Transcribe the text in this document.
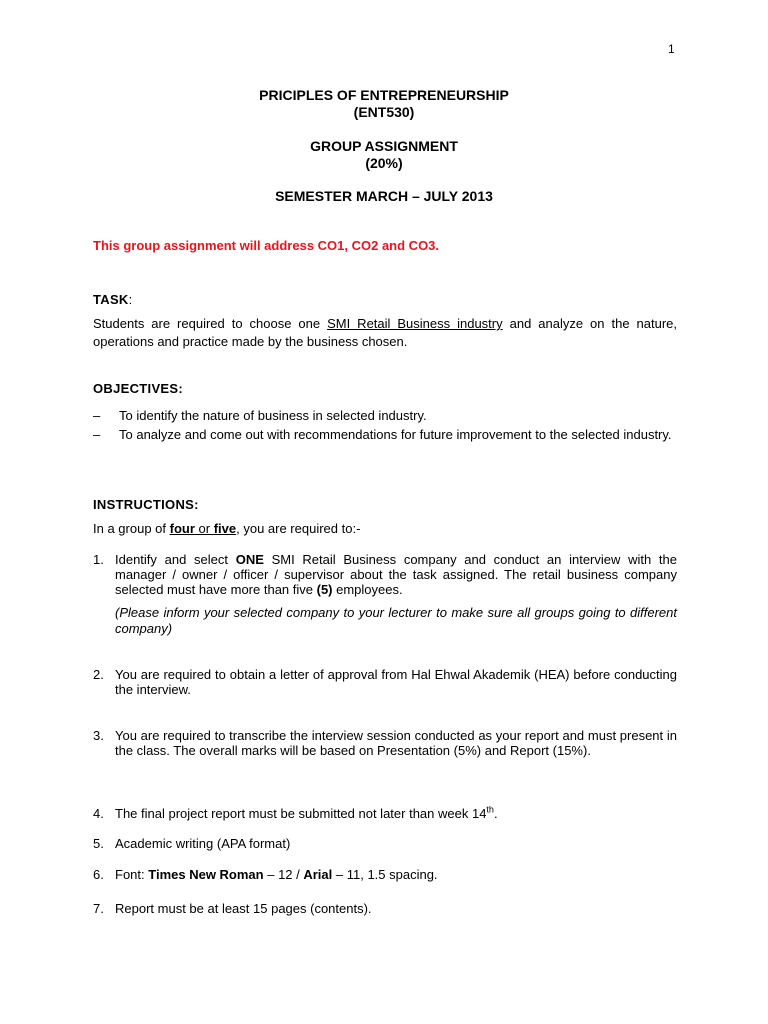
1
PRICIPLES OF ENTREPRENEURSHIP
(ENT530)
GROUP ASSIGNMENT
(20%)
SEMESTER MARCH – JULY 2013
This group assignment will address CO1, CO2 and CO3.
TASK:
Students are required to choose one SMI Retail Business industry and analyze on the nature, operations and practice made by the business chosen.
OBJECTIVES:
– To identify the nature of business in selected industry.
– To analyze and come out with recommendations for future improvement to the selected industry.
INSTRUCTIONS:
In a group of four or five, you are required to:-
1. Identify and select ONE SMI Retail Business company and conduct an interview with the manager / owner / officer / supervisor about the task assigned. The retail business company selected must have more than five (5) employees.
(Please inform your selected company to your lecturer to make sure all groups going to different company)
2. You are required to obtain a letter of approval from Hal Ehwal Akademik (HEA) before conducting the interview.
3. You are required to transcribe the interview session conducted as your report and must present in the class. The overall marks will be based on Presentation (5%) and Report (15%).
4. The final project report must be submitted not later than week 14th.
5. Academic writing (APA format)
6. Font: Times New Roman – 12 / Arial – 11, 1.5 spacing.
7. Report must be at least 15 pages (contents).
